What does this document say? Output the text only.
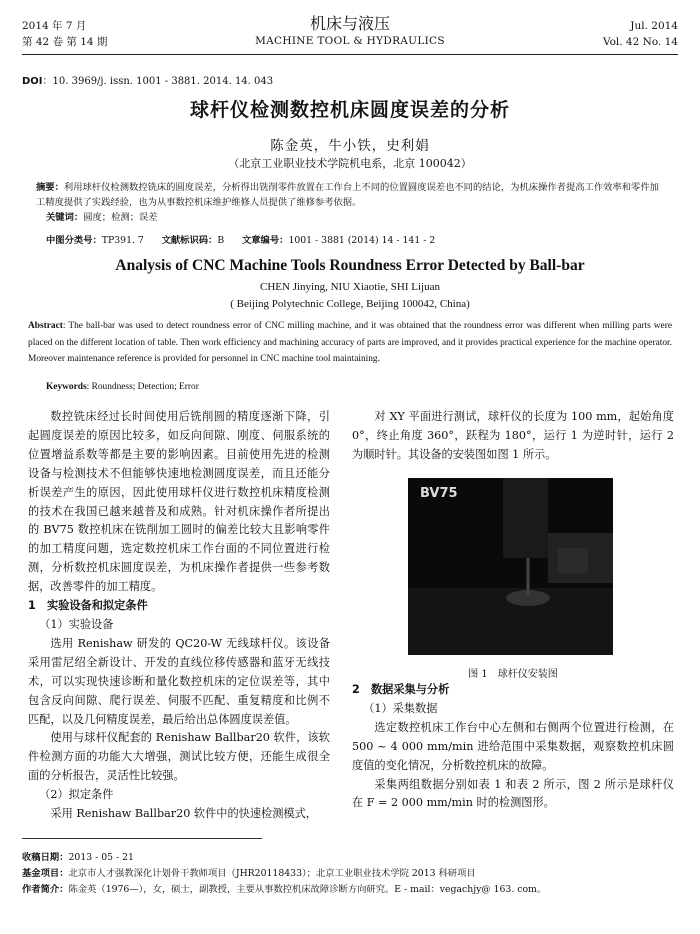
2014 年 7 月
第 42 卷 第 14 期
机床与液压
MACHINE TOOL & HYDRAULICS
Jul. 2014
Vol. 42 No. 14
DOI：10. 3969/j. issn. 1001 - 3881. 2014. 14. 043
球杆仪检测数控机床圆度误差的分析
陈金英，牛小铁，史利娟
（北京工业职业技术学院机电系，北京 100042）
摘要：利用球杆仪检测数控铣床的圆度误差，分析得出铣削零件放置在工作台上不同的位置圆度误差也不同的结论，为机床操作者提高工作效率和零件加工精度提供了实践经验，也为从事数控机床维护维修人员提供了维修参考依据。
关键词：圆度；检测；误差
中图分类号：TP391. 7 文献标识码：B 文章编号：1001 - 3881 (2014) 14 - 141 - 2
Analysis of CNC Machine Tools Roundness Error Detected by Ball-bar
CHEN Jinying, NIU Xiaotie, SHI Lijuan
( Beijing Polytechnic College, Beijing 100042, China)
Abstract: The ball-bar was used to detect roundness error of CNC milling machine, and it was obtained that the roundness error was different when milling parts were placed on the different location of table. Then work efficiency and machining accuracy of parts are improved, and it provides practical experience for the machine operator. Moreover maintenance reference is provided for personnel in CNC machine tool maintaining.
Keywords: Roundness; Detection; Error

数控铣床经过长时间使用后铣削圆的精度逐渐下降，引起圆度误差的原因比较多，如反向间隙、刚度、伺服系统的位置增益系数等都是主要的影响因素。目前使用先进的检测设备与检测技术不但能够快速地检测圆度误差，而且还能分析误差产生的原因，因此使用球杆仪进行数控机床精度检测的技术在我国已越来越普及和成熟。针对机床操作者所提出的 BV75 数控机床在铣削加工圆时的偏差比较大且影响零件的加工精度问题，选定数控机床工作台面的不同位置进行检测，分析数控机床圆度误差，为机床操作者提供一些参考数据，改善零件的加工精度。

1　实验设备和拟定条件
（1）实验设备

选用 Renishaw 研发的 QC20-W 无线球杆仪。该设备采用雷尼绍全新设计、开发的直线位移传感器和蓝牙无线技术，可以实现快速诊断和量化数控机床的定位误差等，其中包含反向间隙、爬行误差、伺服不匹配、重复精度和比例不匹配，以及几何精度误差，最后给出总体圆度误差值。

使用与球杆仪配套的 Renishaw Ballbar20 软件，该软件检测方面的功能大大增强，测试比较方便，还能生成很全面的分析报告，灵活性比较强。

（2）拟定条件

采用 Renishaw Ballbar20 软件中的快速检测模式，

对 XY 平面进行测试，球杆仪的长度为 100 mm，起始角度 0°，终止角度 360°，跃程为 180°，运行 1 为逆时针，运行 2 为顺时针。其设备的安装图如图 1 所示。

BV75
图 1　球杆仪安装图
2　数据采集与分析
（1）采集数据

选定数控机床工作台中心左侧和右侧两个位置进行检测，在 500 ~ 4 000 mm/min 进给范围中采集数据，观察数控机床圆度值的变化情况，分析数控机床的故障。

采集两组数据分别如表 1 和表 2 所示，图 2 所示是球杆仪在 F = 2 000 mm/min 时的检测图形。

收稿日期：2013 - 05 - 21
基金项目：北京市人才强教深化计划骨干教师项目（JHR20118433）；北京工业职业技术学院 2013 科研项目
作者简介：陈金英（1976—），女，硕士，副教授，主要从事数控机床故障诊断方向研究。E - mail：vegachjy@ 163. com。
